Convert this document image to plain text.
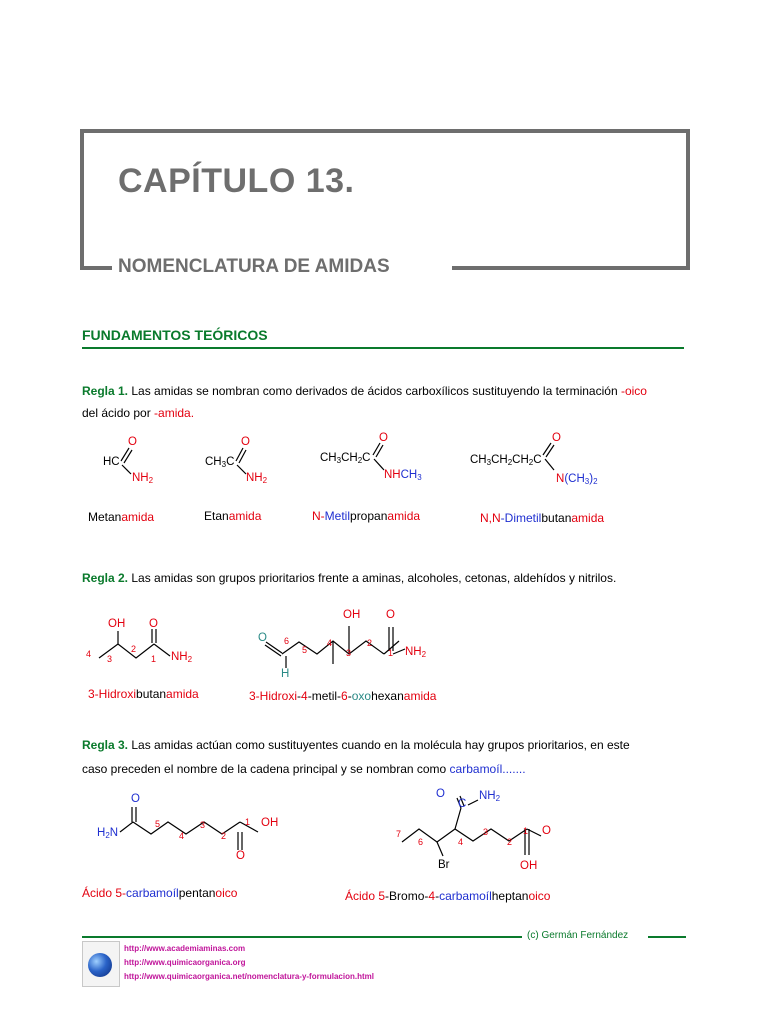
CAPÍTULO 13.
NOMENCLATURA DE AMIDAS
FUNDAMENTOS TEÓRICOS
Regla 1. Las amidas se nombran como derivados de ácidos carboxílicos sustituyendo la terminación -oico
del ácido por -amida.
O
HC
$NH_2$
O
$CH_3C$
$NH_2$
O
$CH_3CH_2C$
$NHCH_3$
O
$CH_3CH_2CH_2C$
$N(CH_3)_2$
Metanamida	Etanamida	N-Metilpropanamida	N,N-Dimetilbutanamida
Regla 2. Las amidas son grupos prioritarios frente a aminas, alcoholes, cetonas, aldehídos y nitrilos.
OH O
$NH_2$
4 3
2
1
OH O
O
H
$NH_2$
6
5
4
3
2
1
3-Hidroxibutanamida	3-Hidroxi-4-metil-6-oxohexanamida
Regla 3. Las amidas actúan como sustituyentes cuando en la molécula hay grupos prioritarios, en este
caso preceden el nombre de la cadena principal y se nombran como carbamoíl.......
O
$H_2N$
OH
O
5
4
3
2
1
O
C
$NH_2$
Br
O
OH
7
6	4
3
2
1
Ácido 5-carbamoílpentanoico	Ácido 5-Bromo-4-carbamoílheptanoico
(c) Germán Fernández
http://www.academiaminas.com
http://www.quimicaorganica.org
http://www.quimicaorganica.net/nomenclatura-y-formulacion.html
